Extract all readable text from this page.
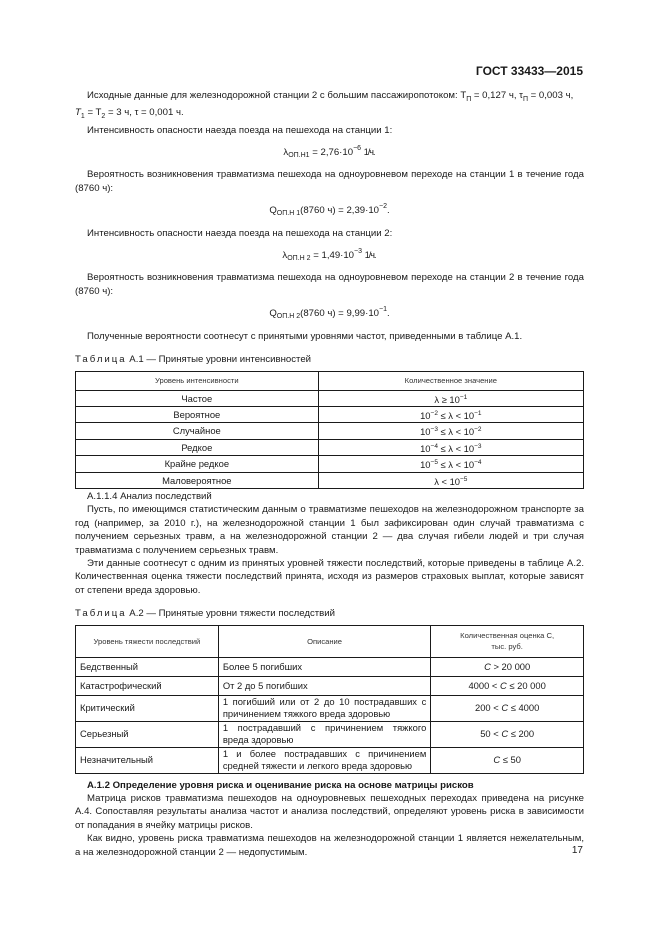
ГОСТ 33433—2015

Исходные данные для железнодорожной станции 2 с большим пассажиропотоком: $T_П = 0,127$ ч, $\tau_П = 0,003$ ч,
$T_1 = T_2 = 3$ ч, τ = 0,001 ч.

Интенсивность опасности наезда поезда на пешехода на станции 1:

$\lambda_{ОП.Н1} = 2,76\cdot 10^{-6}$ 1/ч.

Вероятность возникновения травматизма пешехода на одноуровневом переходе на станции 1 в течение года (8760 ч):

$Q_{ОП.Н 1}(8760$ $ч) = 2,39\cdot 10^{-2}$.

Интенсивность опасности наезда поезда на пешехода на станции 2:

$\lambda_{ОП.Н 2} = 1,49\cdot 10^{-3}$ 1/ч.

Вероятность возникновения травматизма пешехода на одноуровневом переходе на станции 2 в течение года (8760 ч):

$Q_{ОП.Н 2}(8760$ $ч) = 9,99\cdot 10^{-1}$.

Полученные вероятности соотнесут с принятыми уровнями частот, приведенными в таблице А.1.

Таблица А.1 — Принятые уровни интенсивностей

Уровень интенсивности	Количественное значение
Частое	$\lambda \ge 10^{-1}$
Вероятное	$10^{-2} \le \lambda < 10^{-1}$
Случайное	$10^{-3} \le \lambda < 10^{-2}$
Редкое	$10^{-4} \le \lambda < 10^{-3}$
Крайне редкое	$10^{-5} \le \lambda < 10^{-4}$
Маловероятное	$\lambda < 10^{-5}$

А.1.1.4 Анализ последствий

Пусть, по имеющимся статистическим данным о травматизме пешеходов на железнодорожном транспорте за год (например, за 2010 г.), на железнодорожной станции 1 был зафиксирован один случай травматизма с получением серьезных травм, а на железнодорожной станции 2 — два случая гибели людей и три случая травматизма с получением серьезных травм.

Эти данные соотнесут с одним из принятых уровней тяжести последствий, которые приведены в таблице А.2. Количественная оценка тяжести последствий принята, исходя из размеров страховых выплат, которые зависят от степени вреда здоровью.

Таблица А.2 — Принятые уровни тяжести последствий

Уровень тяжести последствий	Описание	Количественная оценка C,
тыс. руб.
Бедственный	Более 5 погибших	C > 20 000
Катастрофический	От 2 до 5 погибших	4000 < C ≤ 20 000
Критический	1 погибший или от 2 до 10 пострадавших с причинением тяжкого вреда здоровью	200 < C ≤ 4000
Серьезный	1 пострадавший с причинением тяжкого вреда здоровью	50 < C ≤ 200
Незначительный	1 и более пострадавших с причинением средней тяжести и легкого вреда здоровью	C ≤ 50

А.1.2 Определение уровня риска и оценивание риска на основе матрицы рисков

Матрица рисков травматизма пешеходов на одноуровневых пешеходных переходах приведена на рисунке А.4. Сопоставляя результаты анализа частот и анализа последствий, определяют уровень риска в зависимости от попадания в ячейку матрицы рисков.

Как видно, уровень риска травматизма пешеходов на железнодорожной станции 1 является нежелательным, а на железнодорожной станции 2 — недопустимым.	17
